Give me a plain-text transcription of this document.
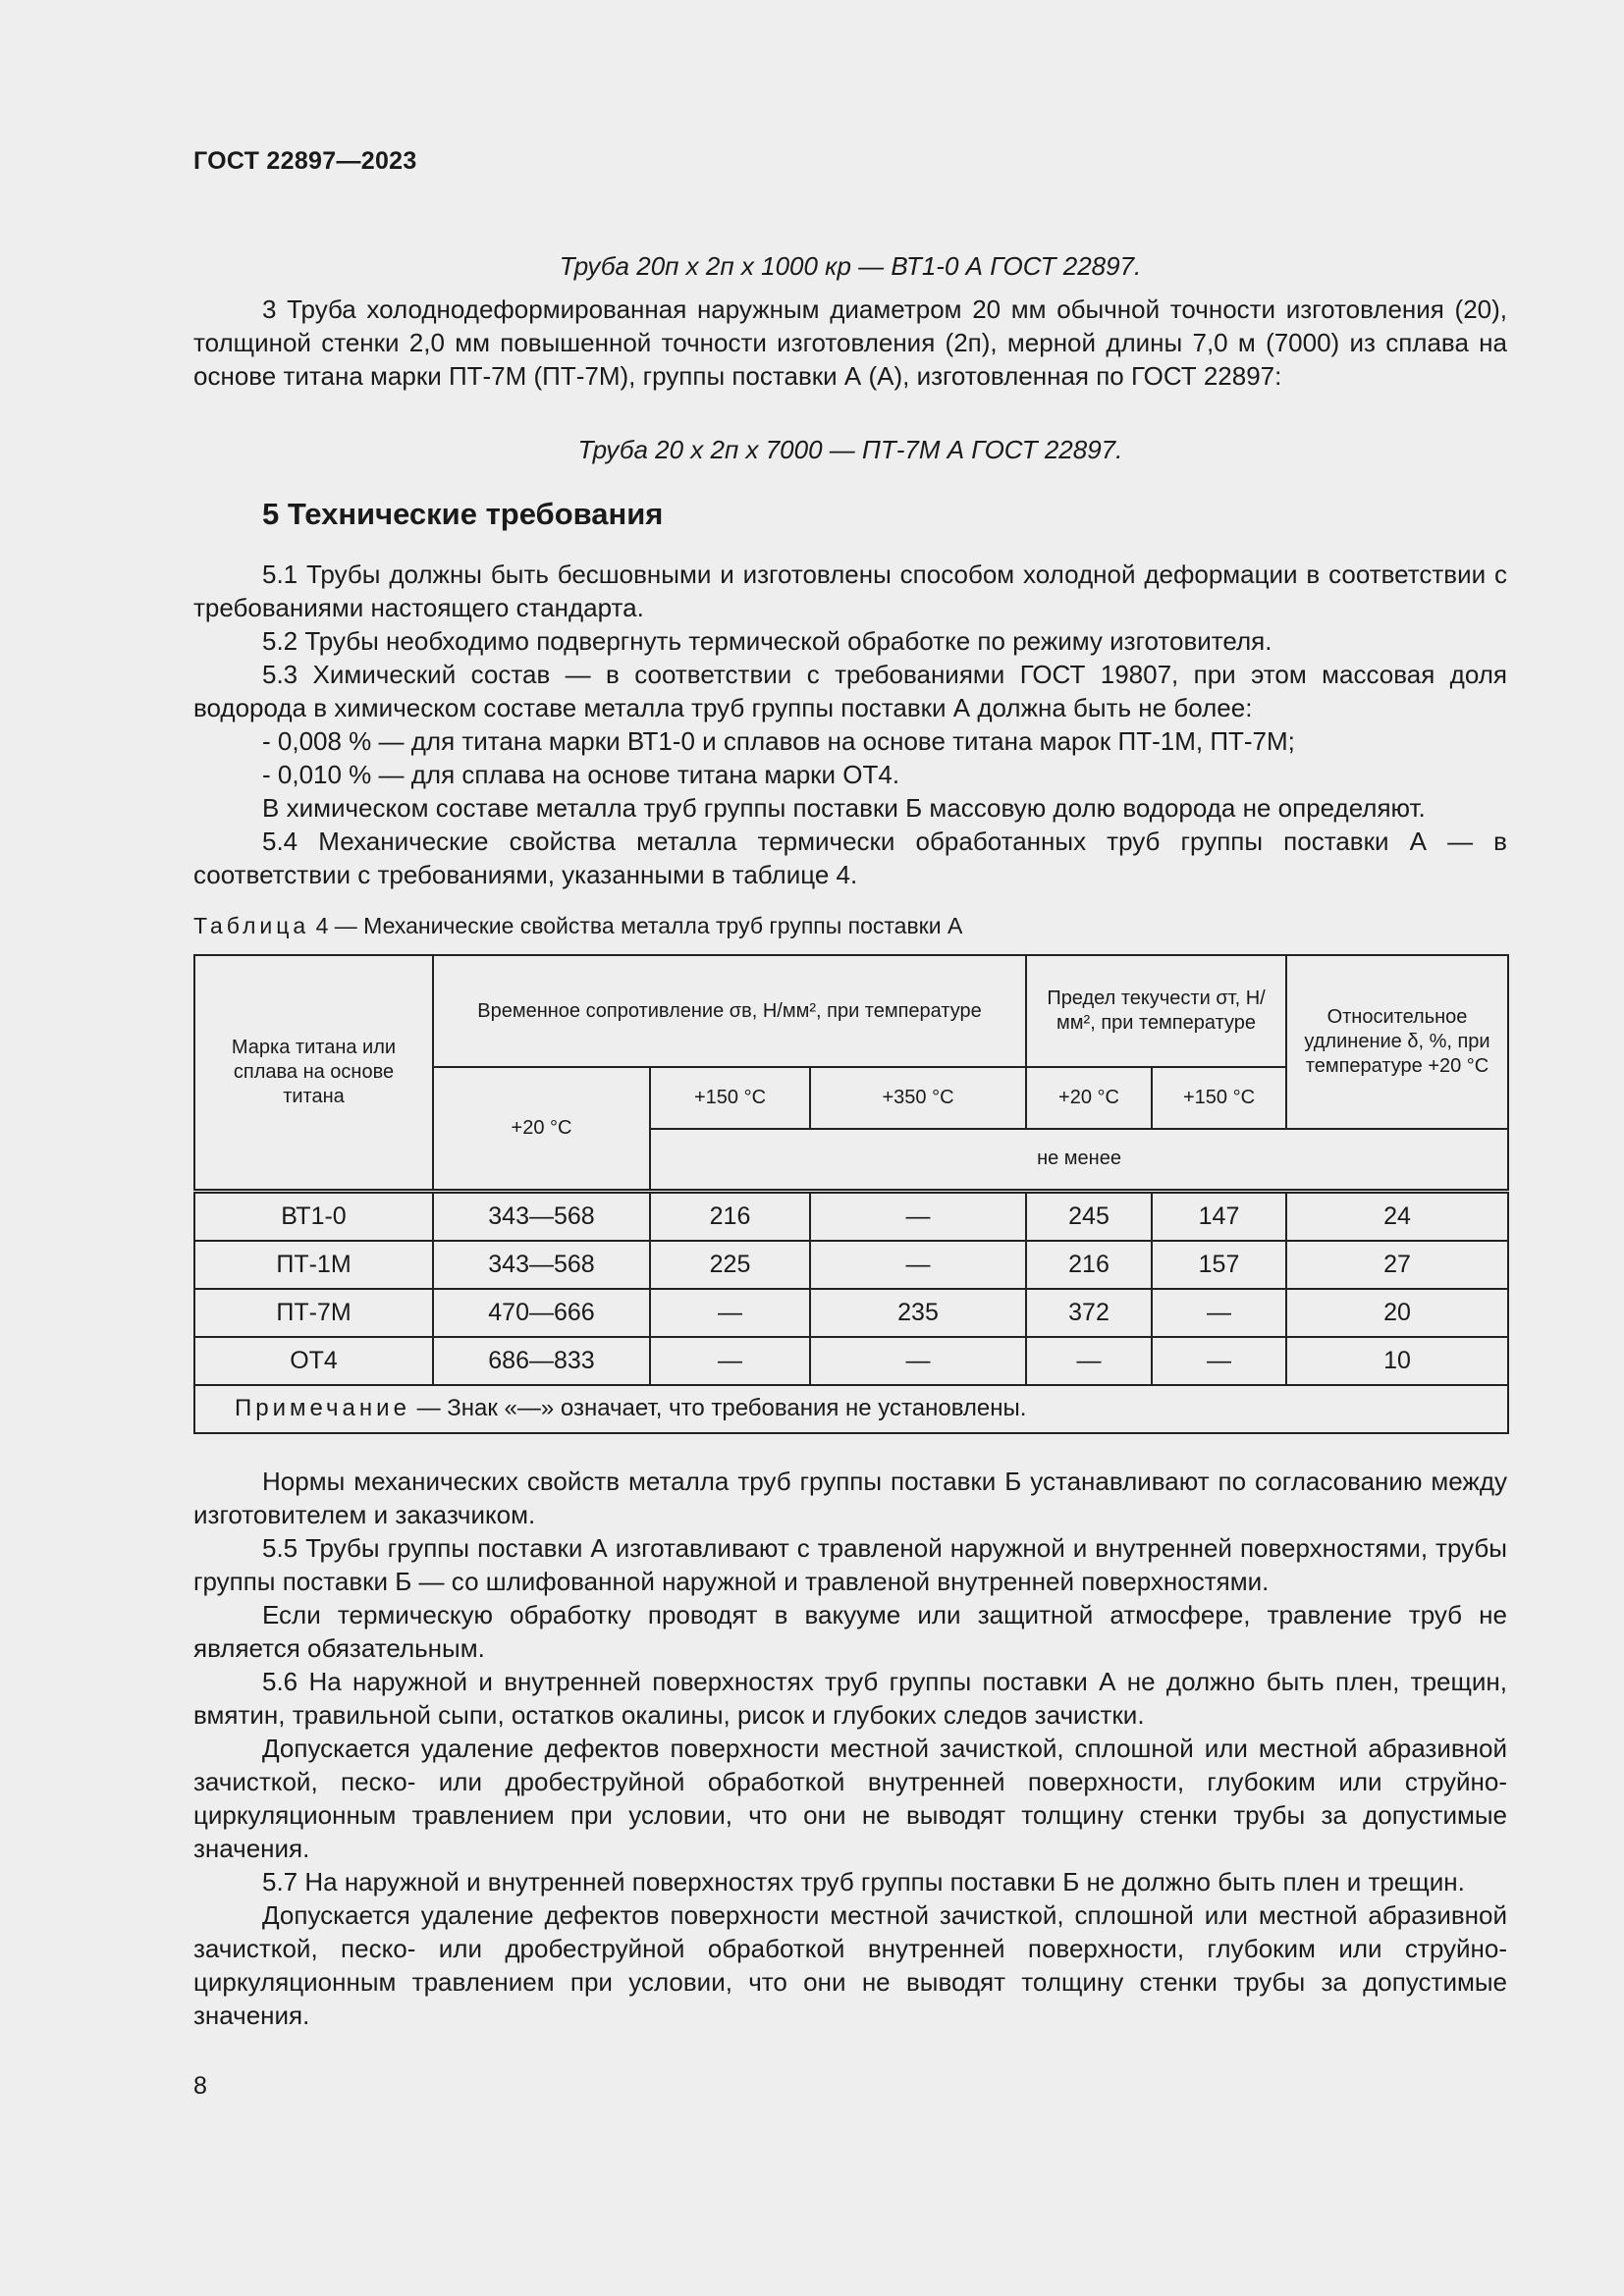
ГОСТ 22897—2023

Труба 20п x 2п x 1000 кр — ВТ1-0 А ГОСТ 22897.

3 Труба холоднодеформированная наружным диаметром 20 мм обычной точности изготовления (20), толщиной стенки 2,0 мм повышенной точности изготовления (2п), мерной длины 7,0 м (7000) из сплава на основе титана марки ПТ-7М (ПТ-7М), группы поставки А (А), изготовленная по ГОСТ 22897:

Труба 20 x 2п x 7000 — ПТ-7М А ГОСТ 22897.

5 Технические требования

5.1 Трубы должны быть бесшовными и изготовлены способом холодной деформации в соответствии с требованиями настоящего стандарта.

5.2 Трубы необходимо подвергнуть термической обработке по режиму изготовителя.

5.3 Химический состав — в соответствии с требованиями ГОСТ 19807, при этом массовая доля водорода в химическом составе металла труб группы поставки А должна быть не более:

- 0,008 % — для титана марки ВТ1-0 и сплавов на основе титана марок ПТ-1М, ПТ-7М;

- 0,010 % — для сплава на основе титана марки ОТ4.

В химическом составе металла труб группы поставки Б массовую долю водорода не определяют.

5.4 Механические свойства металла термически обработанных труб группы поставки А — в соответствии с требованиями, указанными в таблице 4.

Таблица 4 — Механические свойства металла труб группы поставки А
Марка титана или сплава на основе титана	Временное сопротивление σв, Н/мм², при температуре			Предел текучести σт, Н/мм², при температуре		Относительное удлинение δ, %, при температуре +20 °С
	+20 °С	+150 °С	+350 °С	+20 °С	+150 °С	
		не менее				
ВТ1-0	343—568	216	—	245	147	24
ПТ-1М	343—568	225	—	216	157	27
ПТ-7М	470—666	—	235	372	—	20
ОТ4	686—833	—	—	—	—	10
Примечание — Знак «—» означает, что требования не установлены.						

Нормы механических свойств металла труб группы поставки Б устанавливают по согласованию между изготовителем и заказчиком.

5.5 Трубы группы поставки А изготавливают с травленой наружной и внутренней поверхностями, трубы группы поставки Б — со шлифованной наружной и травленой внутренней поверхностями.

Если термическую обработку проводят в вакууме или защитной атмосфере, травление труб не является обязательным.

5.6 На наружной и внутренней поверхностях труб группы поставки А не должно быть плен, трещин, вмятин, травильной сыпи, остатков окалины, рисок и глубоких следов зачистки.

Допускается удаление дефектов поверхности местной зачисткой, сплошной или местной абразивной зачисткой, песко- или дробеструйной обработкой внутренней поверхности, глубоким или струйно-циркуляционным травлением при условии, что они не выводят толщину стенки трубы за допустимые значения.

5.7 На наружной и внутренней поверхностях труб группы поставки Б не должно быть плен и трещин.

Допускается удаление дефектов поверхности местной зачисткой, сплошной или местной абразивной зачисткой, песко- или дробеструйной обработкой внутренней поверхности, глубоким или струйно-циркуляционным травлением при условии, что они не выводят толщину стенки трубы за допустимые значения.

8
